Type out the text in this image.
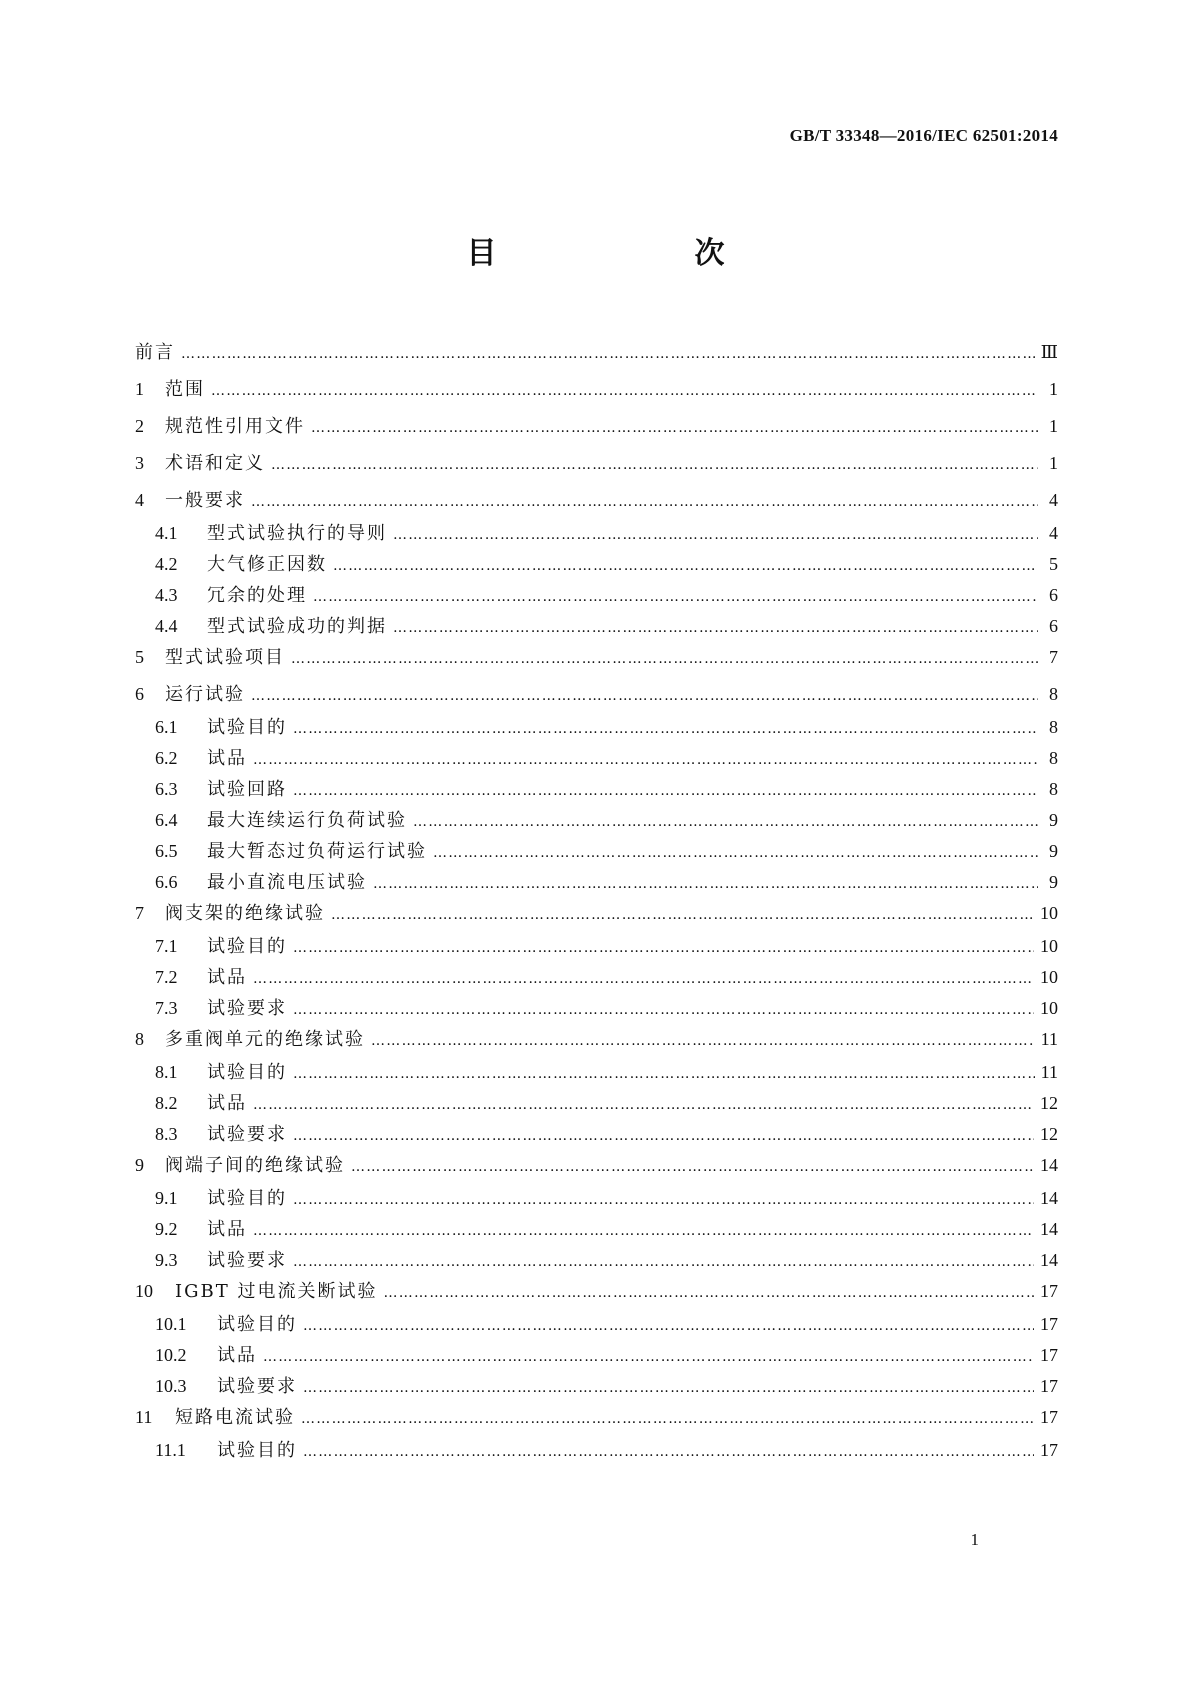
GB/T 33348—2016/IEC 62501:2014
目　　次
前言 …………………………………………………………………………………………………………………………………………………………………………………………	Ⅲ
1	范围 …………………………………………………………………………………………………………………………………………………………………………………………	1
2	规范性引用文件 …………………………………………………………………………………………………………………………………………………………………………………………	1
3	术语和定义 …………………………………………………………………………………………………………………………………………………………………………………………	1
4	一般要求 …………………………………………………………………………………………………………………………………………………………………………………………	4
4.1	型式试验执行的导则 …………………………………………………………………………………………………………………………………………………………………………………………	4
4.2	大气修正因数 …………………………………………………………………………………………………………………………………………………………………………………………	5
4.3	冗余的处理 …………………………………………………………………………………………………………………………………………………………………………………………	6
4.4	型式试验成功的判据 …………………………………………………………………………………………………………………………………………………………………………………………	6
5	型式试验项目 …………………………………………………………………………………………………………………………………………………………………………………………	7
6	运行试验 …………………………………………………………………………………………………………………………………………………………………………………………	8
6.1	试验目的 …………………………………………………………………………………………………………………………………………………………………………………………	8
6.2	试品 …………………………………………………………………………………………………………………………………………………………………………………………	8
6.3	试验回路 …………………………………………………………………………………………………………………………………………………………………………………………	8
6.4	最大连续运行负荷试验 …………………………………………………………………………………………………………………………………………………………………………………………	9
6.5	最大暂态过负荷运行试验 …………………………………………………………………………………………………………………………………………………………………………………………	9
6.6	最小直流电压试验 …………………………………………………………………………………………………………………………………………………………………………………………	9
7	阀支架的绝缘试验 …………………………………………………………………………………………………………………………………………………………………………………………	10
7.1	试验目的 …………………………………………………………………………………………………………………………………………………………………………………………	10
7.2	试品 …………………………………………………………………………………………………………………………………………………………………………………………	10
7.3	试验要求 …………………………………………………………………………………………………………………………………………………………………………………………	10
8	多重阀单元的绝缘试验 …………………………………………………………………………………………………………………………………………………………………………………………	11
8.1	试验目的 …………………………………………………………………………………………………………………………………………………………………………………………	11
8.2	试品 …………………………………………………………………………………………………………………………………………………………………………………………	12
8.3	试验要求 …………………………………………………………………………………………………………………………………………………………………………………………	12
9	阀端子间的绝缘试验 …………………………………………………………………………………………………………………………………………………………………………………………	14
9.1	试验目的 …………………………………………………………………………………………………………………………………………………………………………………………	14
9.2	试品 …………………………………………………………………………………………………………………………………………………………………………………………	14
9.3	试验要求 …………………………………………………………………………………………………………………………………………………………………………………………	14
10	IGBT 过电流关断试验 …………………………………………………………………………………………………………………………………………………………………………………………	17
10.1	试验目的 …………………………………………………………………………………………………………………………………………………………………………………………	17
10.2	试品 …………………………………………………………………………………………………………………………………………………………………………………………	17
10.3	试验要求 …………………………………………………………………………………………………………………………………………………………………………………………	17
11	短路电流试验 …………………………………………………………………………………………………………………………………………………………………………………………	17
11.1	试验目的 …………………………………………………………………………………………………………………………………………………………………………………………	17
1
